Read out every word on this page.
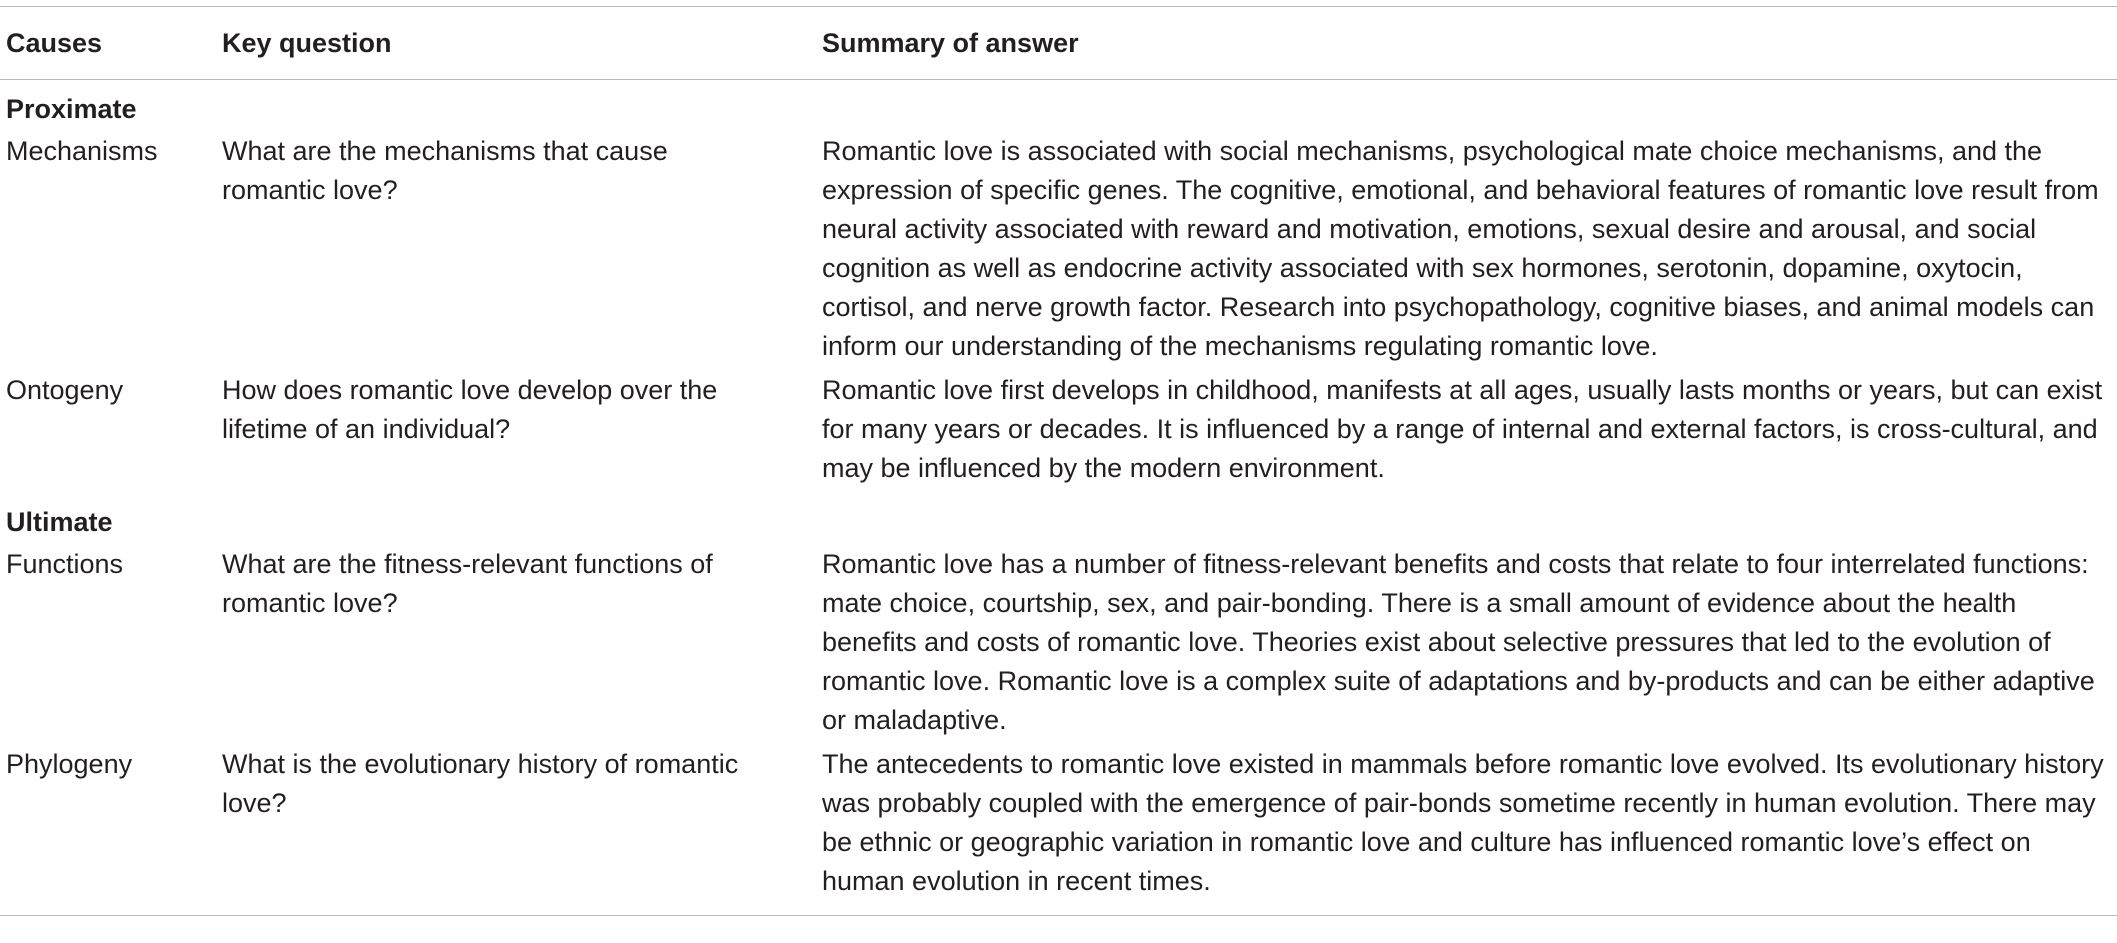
Causes	Key question	Summary of answer
Proximate		
Mechanisms	What are the mechanisms that cause romantic love?	Romantic love is associated with social mechanisms, psychological mate choice mechanisms, and the expression of specific genes. The cognitive, emotional, and behavioral features of romantic love result from neural activity associated with reward and motivation, emotions, sexual desire and arousal, and social cognition as well as endocrine activity associated with sex hormones, serotonin, dopamine, oxytocin, cortisol, and nerve growth factor. Research into psychopathology, cognitive biases, and animal models can inform our understanding of the mechanisms regulating romantic love.
Ontogeny	How does romantic love develop over the lifetime of an individual?	Romantic love first develops in childhood, manifests at all ages, usually lasts months or years, but can exist for many years or decades. It is influenced by a range of internal and external factors, is cross-cultural, and may be influenced by the modern environment.
Ultimate		
Functions	What are the fitness-relevant functions of romantic love?	Romantic love has a number of fitness-relevant benefits and costs that relate to four interrelated functions: mate choice, courtship, sex, and pair-bonding. There is a small amount of evidence about the health benefits and costs of romantic love. Theories exist about selective pressures that led to the evolution of romantic love. Romantic love is a complex suite of adaptations and by-products and can be either adaptive or maladaptive.
Phylogeny	What is the evolutionary history of romantic love?	The antecedents to romantic love existed in mammals before romantic love evolved. Its evolutionary history was probably coupled with the emergence of pair-bonds sometime recently in human evolution. There may be ethnic or geographic variation in romantic love and culture has influenced romantic love’s effect on human evolution in recent times.
